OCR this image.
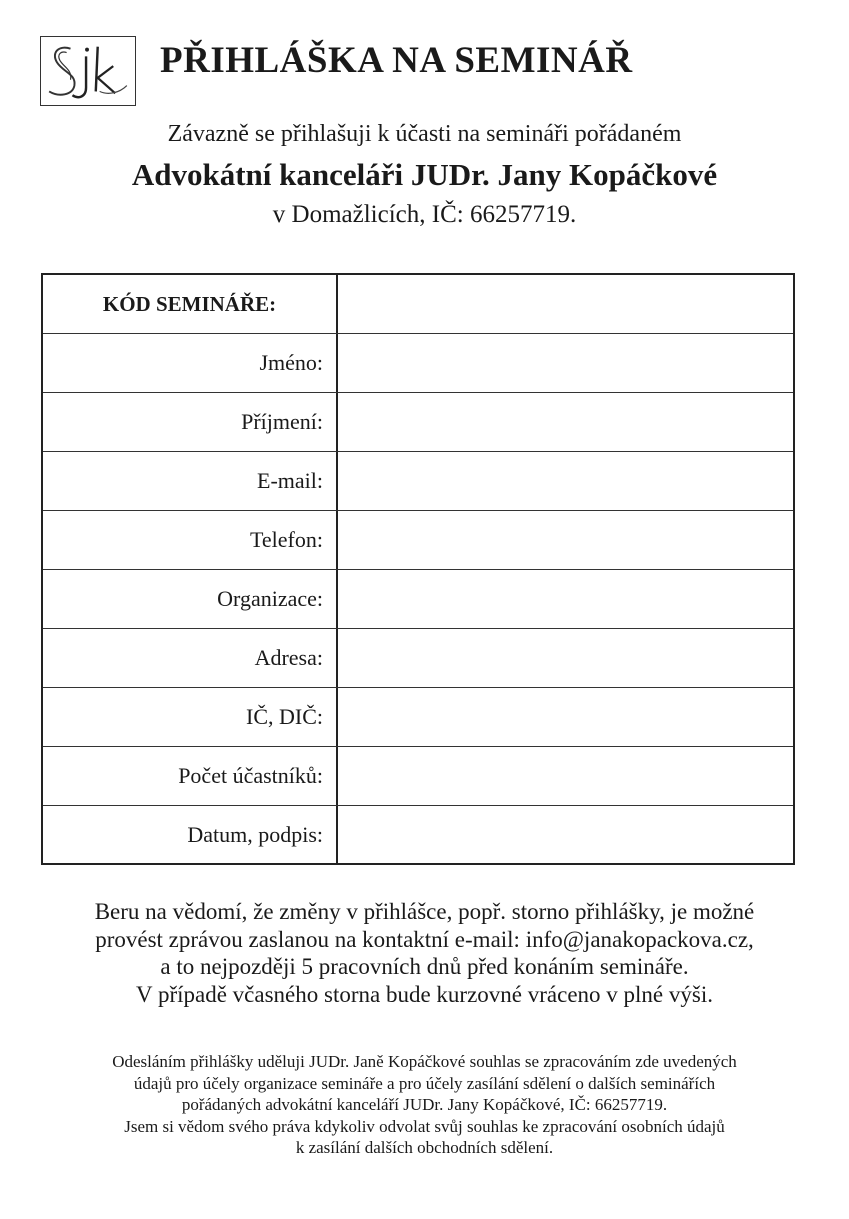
PŘIHLÁŠKA NA SEMINÁŘ
Závazně se přihlašuji k účasti na semináři pořádaném
Advokátní kanceláři JUDr. Jany Kopáčkové
v Domažlicích, IČ: 66257719.
KÓD SEMINÁŘE:
Jméno:
Příjmení:
E-mail:
Telefon:
Organizace:
Adresa:
IČ, DIČ:
Počet účastníků:
Datum, podpis:
Beru na vědomí, že změny v přihlášce, popř. storno přihlášky, je možné
provést zprávou zaslanou na kontaktní e-mail: info@janakopackova.cz,
a to nejpozději 5 pracovních dnů před konáním semináře.
V případě včasného storna bude kurzovné vráceno v plné výši.
Odesláním přihlášky uděluji JUDr. Janě Kopáčkové souhlas se zpracováním zde uvedených
údajů pro účely organizace semináře a pro účely zasílání sdělení o dalších seminářích
pořádaných advokátní kanceláří JUDr. Jany Kopáčkové, IČ: 66257719.
Jsem si vědom svého práva kdykoliv odvolat svůj souhlas ke zpracování osobních údajů
k zasílání dalších obchodních sdělení.
